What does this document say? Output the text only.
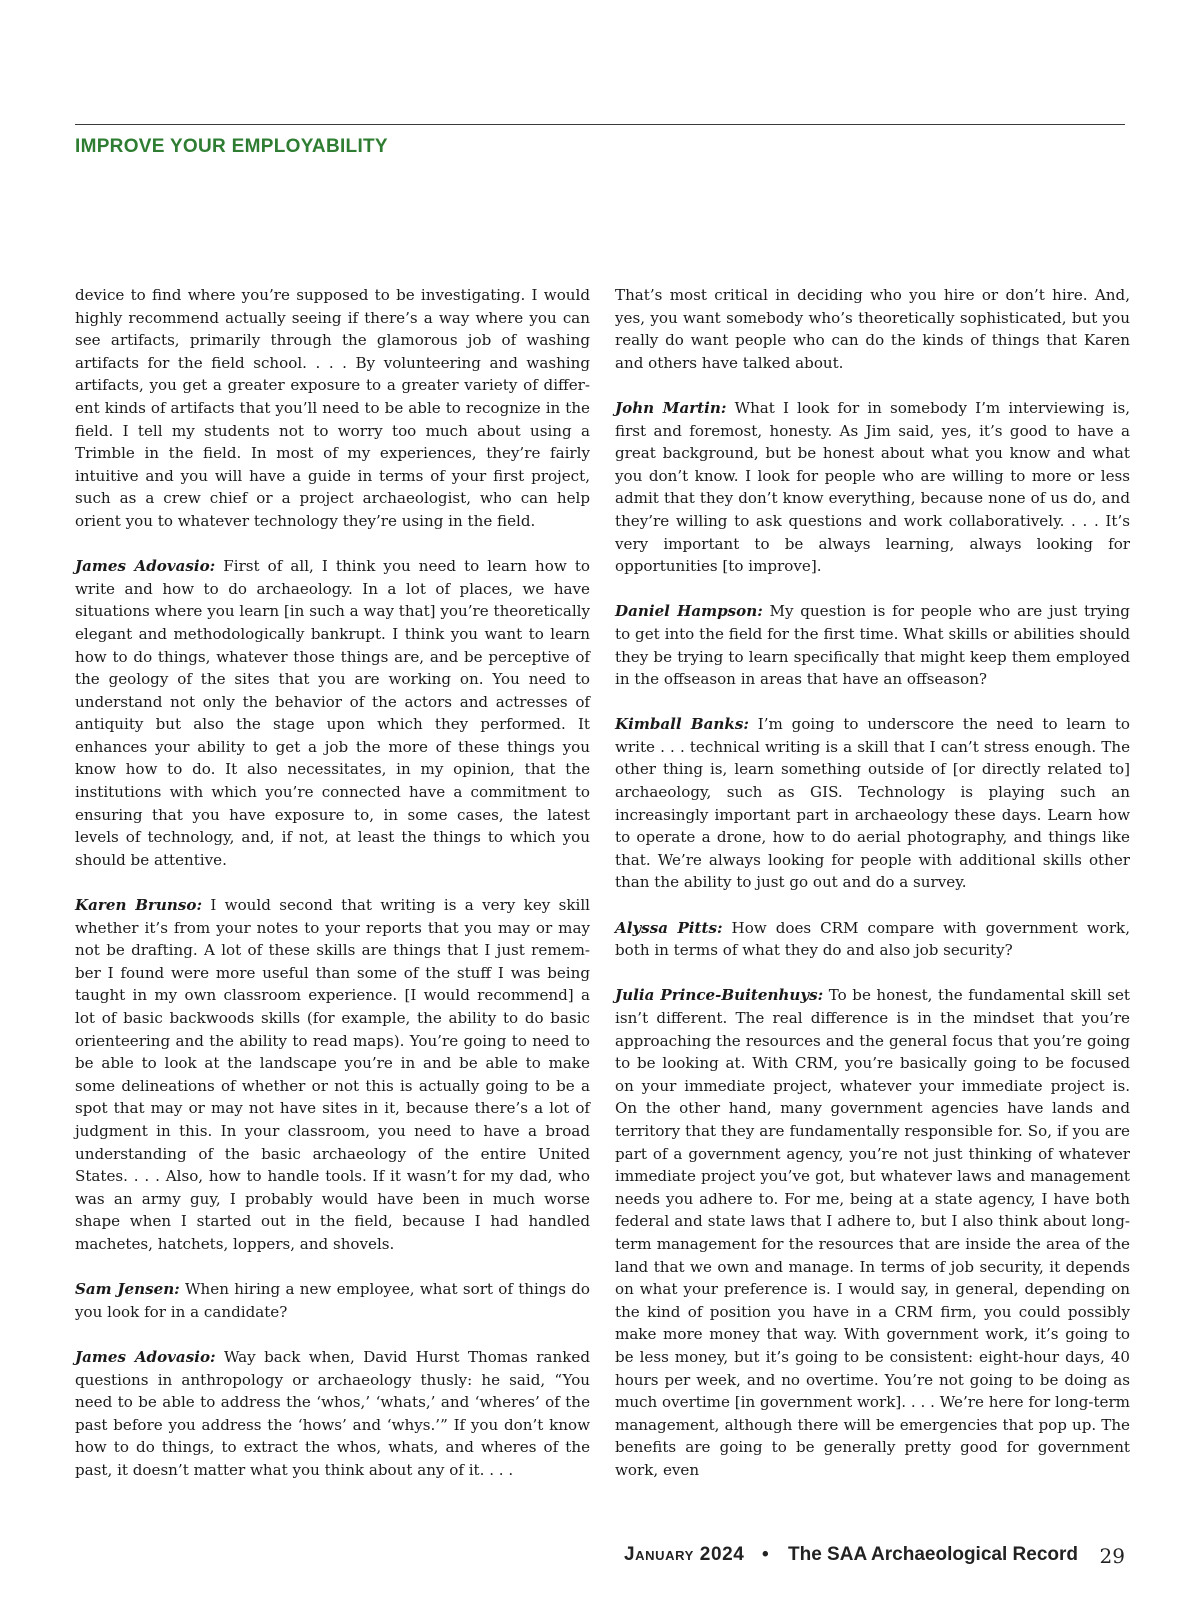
IMPROVE YOUR EMPLOYABILITY

device to find where you’re supposed to be investigating. I would highly recommend actually seeing if there’s a way where you can see artifacts, primarily through the glamorous job of washing artifacts for the field school. . . . By volunteering and washing artifacts, you get a greater exposure to a greater variety of different kinds of artifacts that you’ll need to be able to recognize in the field. I tell my students not to worry too much about using a Trimble in the field. In most of my experiences, they’re fairly intuitive and you will have a guide in terms of your first project, such as a crew chief or a project archaeologist, who can help orient you to whatever technology they’re using in the field.

James Adovasio: First of all, I think you need to learn how to write and how to do archaeology. In a lot of places, we have situations where you learn [in such a way that] you’re theoretically elegant and methodologically bankrupt. I think you want to learn how to do things, whatever those things are, and be perceptive of the geology of the sites that you are working on. You need to understand not only the behavior of the actors and actresses of antiquity but also the stage upon which they performed. It enhances your ability to get a job the more of these things you know how to do. It also necessitates, in my opinion, that the institutions with which you’re connected have a commitment to ensuring that you have exposure to, in some cases, the latest levels of technology, and, if not, at least the things to which you should be attentive.

Karen Brunso: I would second that writing is a very key skill whether it’s from your notes to your reports that you may or may not be drafting. A lot of these skills are things that I just remember I found were more useful than some of the stuff I was being taught in my own classroom experience. [I would recommend] a lot of basic backwoods skills (for example, the ability to do basic orienteering and the ability to read maps). You’re going to need to be able to look at the landscape you’re in and be able to make some delineations of whether or not this is actually going to be a spot that may or may not have sites in it, because there’s a lot of judgment in this. In your classroom, you need to have a broad understanding of the basic archaeology of the entire United States. . . . Also, how to handle tools. If it wasn’t for my dad, who was an army guy, I probably would have been in much worse shape when I started out in the field, because I had handled machetes, hatchets, loppers, and shovels.

Sam Jensen: When hiring a new employee, what sort of things do you look for in a candidate?

James Adovasio: Way back when, David Hurst Thomas ranked questions in anthropology or archaeology thusly: he said, “You need to be able to address the ‘whos,’ ‘whats,’ and ‘wheres’ of the past before you address the ‘hows’ and ‘whys.’” If you don’t know how to do things, to extract the whos, whats, and wheres of the past, it doesn’t matter what you think about any of it. . . .

That’s most critical in deciding who you hire or don’t hire. And, yes, you want somebody who’s theoretically sophisticated, but you really do want people who can do the kinds of things that Karen and others have talked about.

John Martin: What I look for in somebody I’m interviewing is, first and foremost, honesty. As Jim said, yes, it’s good to have a great background, but be honest about what you know and what you don’t know. I look for people who are willing to more or less admit that they don’t know everything, because none of us do, and they’re willing to ask questions and work collaboratively. . . . It’s very important to be always learning, always looking for opportunities [to improve].

Daniel Hampson: My question is for people who are just trying to get into the field for the first time. What skills or abilities should they be trying to learn specifically that might keep them employed in the offseason in areas that have an offseason?

Kimball Banks: I’m going to underscore the need to learn to write . . . technical writing is a skill that I can’t stress enough. The other thing is, learn something outside of [or directly related to] archaeology, such as GIS. Technology is playing such an increasingly important part in archaeology these days. Learn how to operate a drone, how to do aerial photography, and things like that. We’re always looking for people with additional skills other than the ability to just go out and do a survey.

Alyssa Pitts: How does CRM compare with government work, both in terms of what they do and also job security?

Julia Prince-Buitenhuys: To be honest, the fundamental skill set isn’t different. The real difference is in the mindset that you’re approaching the resources and the general focus that you’re going to be looking at. With CRM, you’re basically going to be focused on your immediate project, whatever your immediate project is. On the other hand, many government agencies have lands and territory that they are fundamentally responsible for. So, if you are part of a government agency, you’re not just thinking of whatever immediate project you’ve got, but whatever laws and management needs you adhere to. For me, being at a state agency, I have both federal and state laws that I adhere to, but I also think about long-term management for the resources that are inside the area of the land that we own and manage. In terms of job security, it depends on what your preference is. I would say, in general, depending on the kind of position you have in a CRM firm, you could possibly make more money that way. With government work, it’s going to be less money, but it’s going to be consistent: eight-hour days, 40 hours per week, and no overtime. You’re not going to be doing as much overtime [in government work]. . . . We’re here for long-term management, although there will be emergencies that pop up. The benefits are going to be generally pretty good for government work, even

January 2024 • The SAA Archaeological Record 29
